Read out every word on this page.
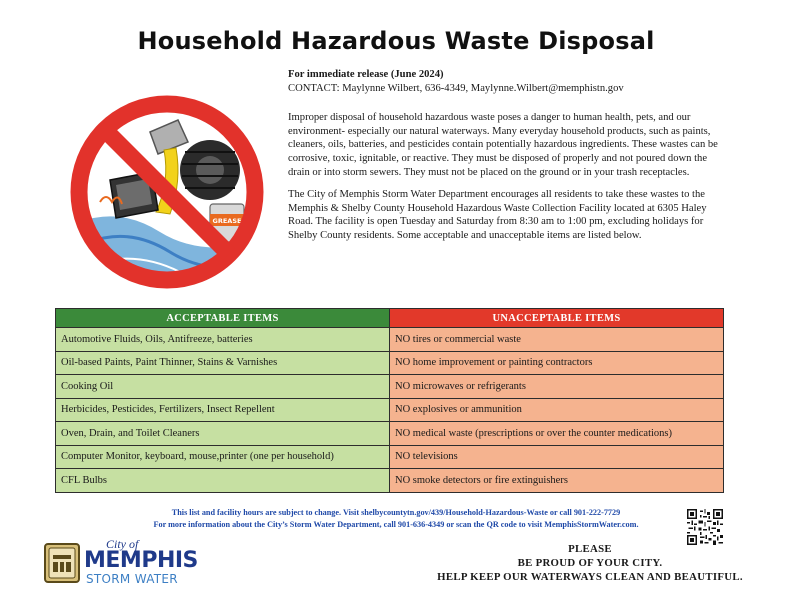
Household Hazardous Waste Disposal
GREASE

For immediate release (June 2024)

CONTACT: Maylynne Wilbert, 636-4349, Maylynne.Wilbert@memphistn.gov

Improper disposal of household hazardous waste poses a danger to human health, pets, and our environment- especially our natural waterways. Many everyday household products, such as paints, cleaners, oils, batteries, and pesticides contain potentially hazardous ingredients. These wastes can be corrosive, toxic, ignitable, or reactive. They must be disposed of properly and not poured down the drain or into storm sewers. They must not be placed on the ground or in your trash receptacles.

The City of Memphis Storm Water Department encourages all residents to take these wastes to the Memphis & Shelby County Household Hazardous Waste Collection Facility located at 6305 Haley Road. The facility is open Tuesday and Saturday from 8:30 am to 1:00 pm, excluding holidays for Shelby County residents. Some acceptable and unacceptable items are listed below.

ACCEPTABLE ITEMS	UNACCEPTABLE ITEMS
Automotive Fluids, Oils, Antifreeze, batteries	NO tires or commercial waste
Oil-based Paints, Paint Thinner, Stains & Varnishes	NO home improvement or painting contractors
Cooking Oil	NO microwaves or refrigerants
Herbicides, Pesticides, Fertilizers, Insect Repellent	NO explosives or ammunition
Oven, Drain, and Toilet Cleaners	NO medical waste (prescriptions or over the counter medications)
Computer Monitor, keyboard, mouse,printer (one per household)	NO televisions
CFL Bulbs	NO smoke detectors or fire extinguishers
This list and facility hours are subject to change. Visit shelbycountytn.gov/439/Household-Hazardous-Waste or call 901-222-7729
For more information about the City’s Storm Water Department, call 901-636-4349 or scan the QR code to visit MemphisStormWater.com.
City of
MEMPHIS
STORM WATER
PLEASE
BE PROUD OF YOUR CITY.
HELP KEEP OUR WATERWAYS CLEAN AND BEAUTIFUL.
